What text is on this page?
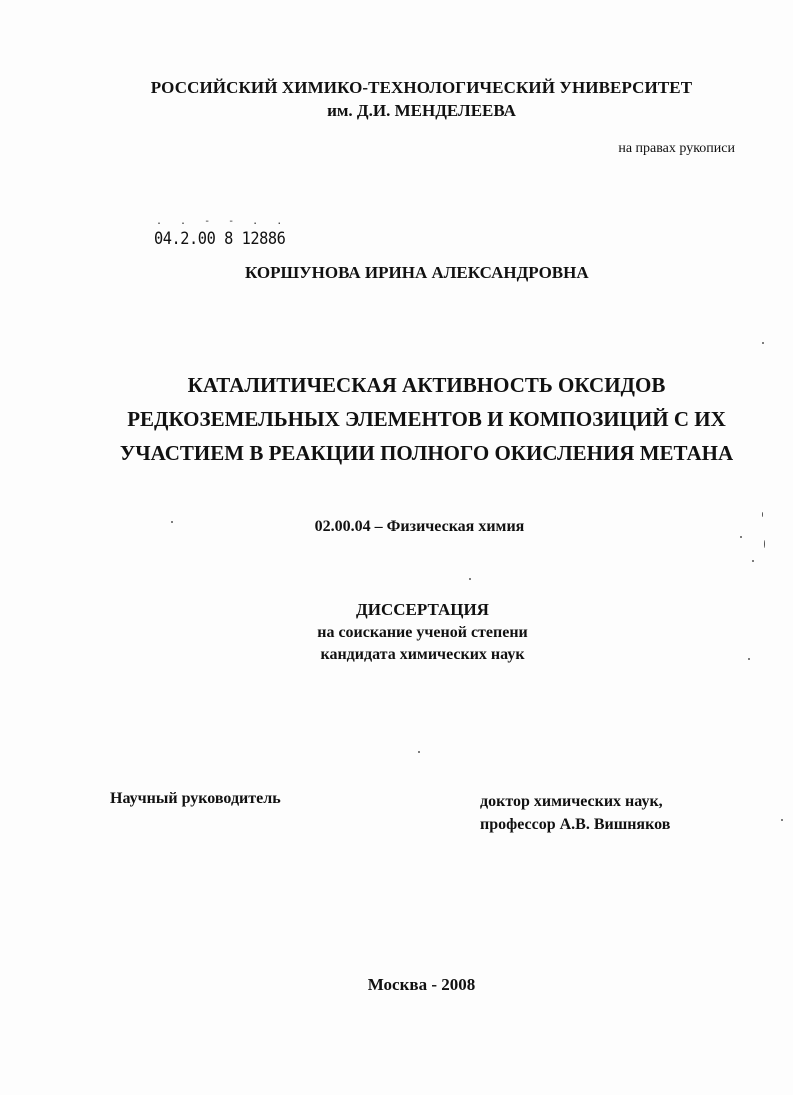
РОССИЙСКИЙ ХИМИКО-ТЕХНОЛОГИЧЕСКИЙ УНИВЕРСИТЕТ
им. Д.И. МЕНДЕЛЕЕВА
на правах рукописи
. . - - . .
04.2.00 8 12886
КОРШУНОВА ИРИНА АЛЕКСАНДРОВНА
КАТАЛИТИЧЕСКАЯ АКТИВНОСТЬ ОКСИДОВ
РЕДКОЗЕМЕЛЬНЫХ ЭЛЕМЕНТОВ И КОМПОЗИЦИЙ С ИХ
УЧАСТИЕМ В РЕАКЦИИ ПОЛНОГО ОКИСЛЕНИЯ МЕТАНА
02.00.04 – Физическая химия
ДИССЕРТАЦИЯ
на соискание ученой степени
кандидата химических наук
Научный руководитель	доктор химических наук,
профессор А.В. Вишняков
Москва - 2008
